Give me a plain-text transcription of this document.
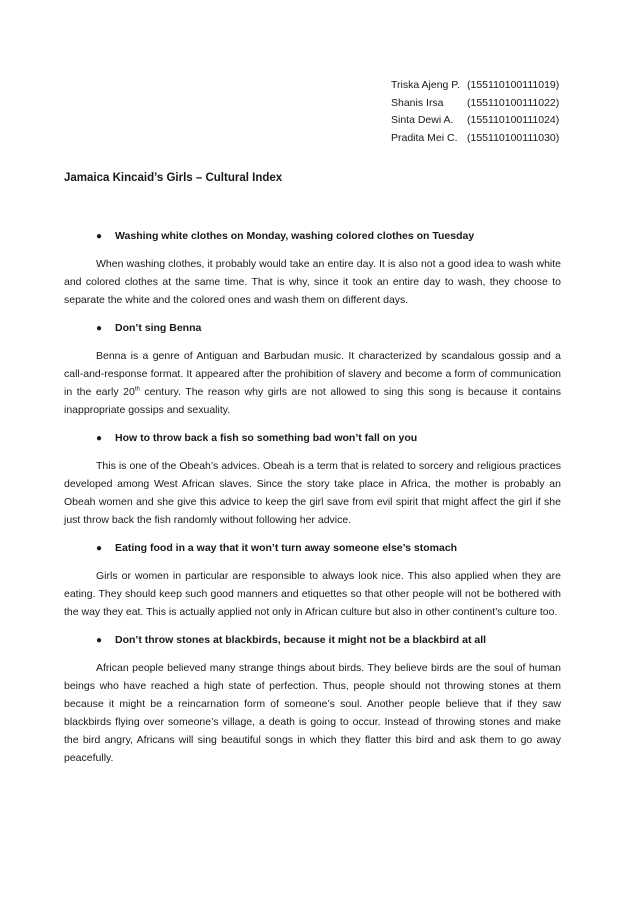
Triska Ajeng P. (155110100111019)
Shanis Irsa	(155110100111022)
Sinta Dewi A.	(155110100111024)
Pradita Mei C. (155110100111030)
Jamaica Kincaid’s Girls – Cultural Index
● Washing white clothes on Monday, washing colored clothes on Tuesday

When washing clothes, it probably would take an entire day. It is also not a good idea to wash white and colored clothes at the same time. That is why, since it took an entire day to wash, they choose to separate the white and the colored ones and wash them on different days.

● Don’t sing Benna

Benna is a genre of Antiguan and Barbudan music. It characterized by scandalous gossip and a call-and-response format. It appeared after the prohibition of slavery and become a form of communication in the early 20th century. The reason why girls are not allowed to sing this song is because it contains inappropriate gossips and sexuality.

● How to throw back a fish so something bad won’t fall on you

This is one of the Obeah’s advices. Obeah is a term that is related to sorcery and religious practices developed among West African slaves. Since the story take place in Africa, the mother is probably an Obeah women and she give this advice to keep the girl save from evil spirit that might affect the girl if she just throw back the fish randomly without following her advice.

● Eating food in a way that it won’t turn away someone else’s stomach

Girls or women in particular are responsible to always look nice. This also applied when they are eating. They should keep such good manners and etiquettes so that other people will not be bothered with the way they eat. This is actually applied not only in African culture but also in other continent’s culture too.

● Don’t throw stones at blackbirds, because it might not be a blackbird at all

African people believed many strange things about birds. They believe birds are the soul of human beings who have reached a high state of perfection. Thus, people should not throwing stones at them because it might be a reincarnation form of someone’s soul. Another people believe that if they saw blackbirds flying over someone’s village, a death is going to occur. Instead of throwing stones and make the bird angry, Africans will sing beautiful songs in which they flatter this bird and ask them to go away peacefully.
